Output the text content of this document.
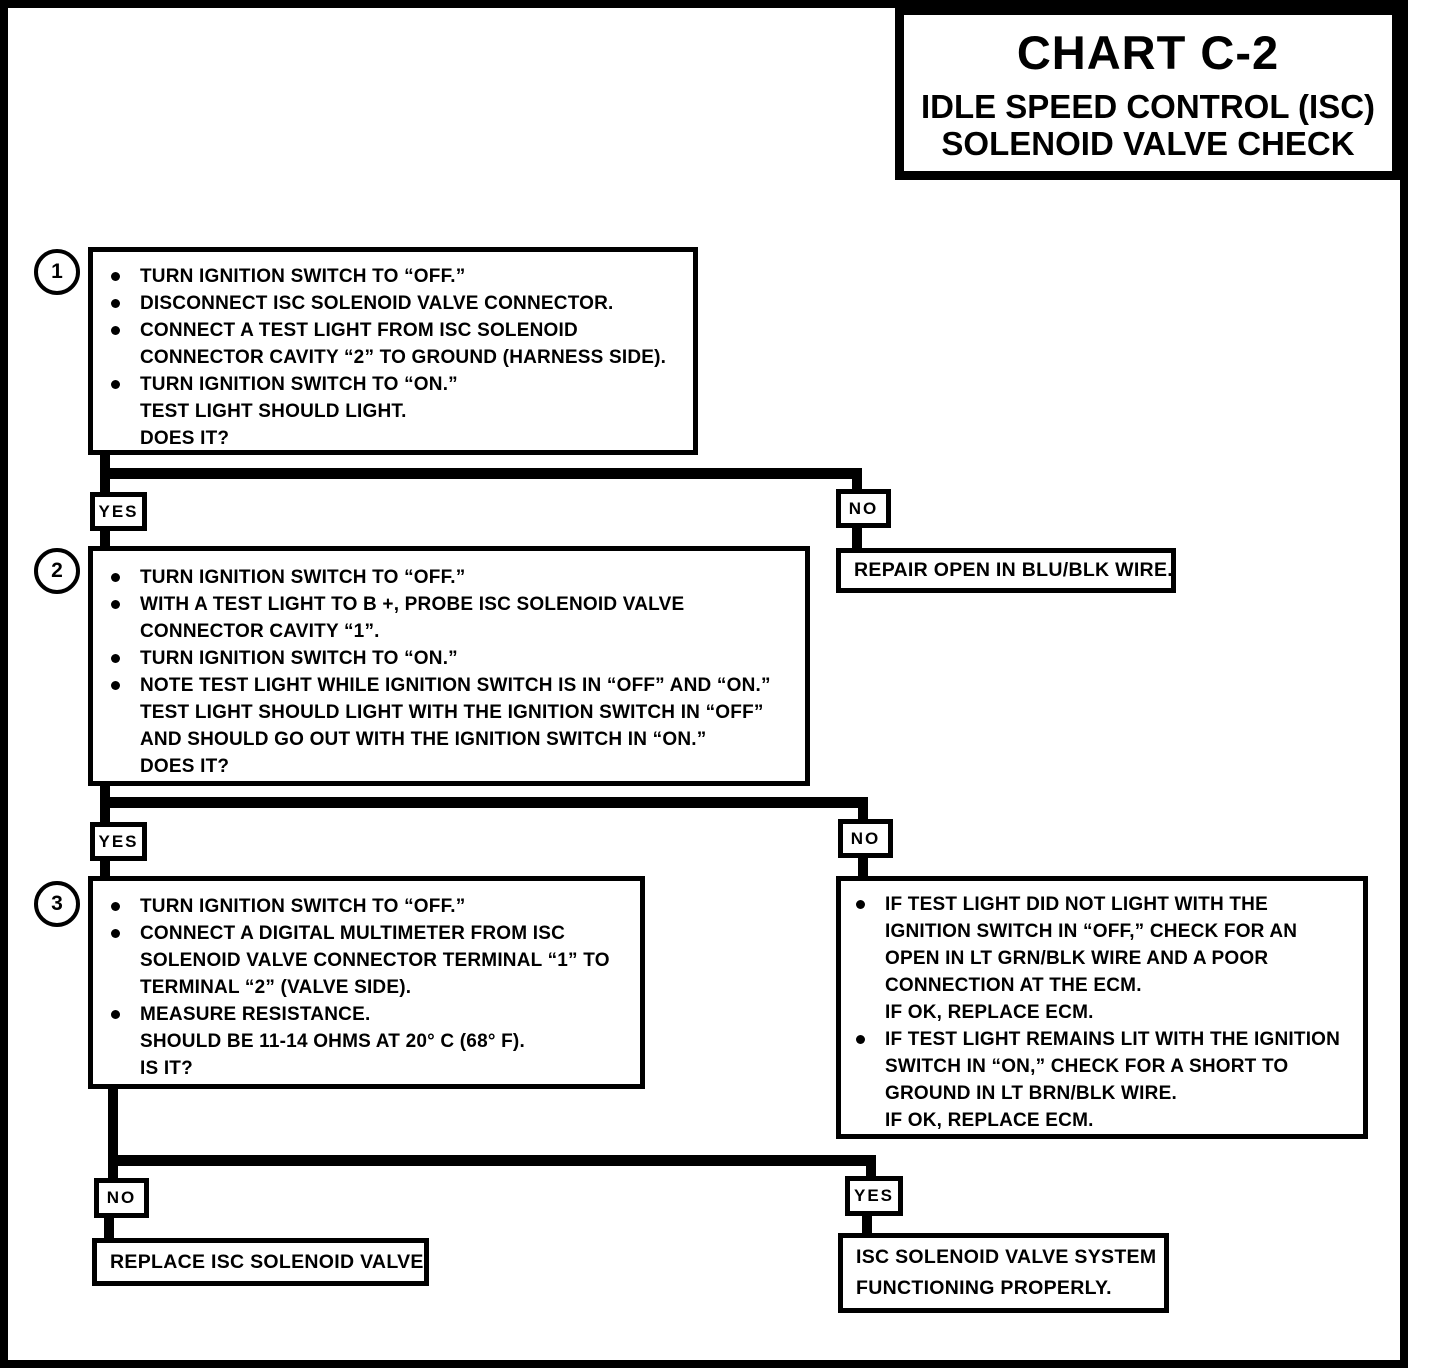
CHART C-2
IDLE SPEED CONTROL (ISC)
SOLENOID VALVE CHECK
1	TURN IGNITION SWITCH TO “OFF.”
DISCONNECT ISC SOLENOID VALVE CONNECTOR.
CONNECT A TEST LIGHT FROM ISC SOLENOID
CONNECTOR CAVITY “2” TO GROUND (HARNESS SIDE).
TURN IGNITION SWITCH TO “ON.”
TEST LIGHT SHOULD LIGHT.
DOES IT?
YES	NO
REPAIR OPEN IN BLU/BLK WIRE.
2	TURN IGNITION SWITCH TO “OFF.”
WITH A TEST LIGHT TO B +, PROBE ISC SOLENOID VALVE
CONNECTOR CAVITY “1”.
TURN IGNITION SWITCH TO “ON.”
NOTE TEST LIGHT WHILE IGNITION SWITCH IS IN “OFF” AND “ON.”
TEST LIGHT SHOULD LIGHT WITH THE IGNITION SWITCH IN “OFF”
AND SHOULD GO OUT WITH THE IGNITION SWITCH IN “ON.”
DOES IT?
YES	NO
3	TURN IGNITION SWITCH TO “OFF.”
CONNECT A DIGITAL MULTIMETER FROM ISC
SOLENOID VALVE CONNECTOR TERMINAL “1” TO
TERMINAL “2” (VALVE SIDE).
MEASURE RESISTANCE.
SHOULD BE 11-14 OHMS AT 20° C (68° F).
IS IT?
IF TEST LIGHT DID NOT LIGHT WITH THE
IGNITION SWITCH IN “OFF,” CHECK FOR AN
OPEN IN LT GRN/BLK WIRE AND A POOR
CONNECTION AT THE ECM.
IF OK, REPLACE ECM.
IF TEST LIGHT REMAINS LIT WITH THE IGNITION
SWITCH IN “ON,” CHECK FOR A SHORT TO
GROUND IN LT BRN/BLK WIRE.
IF OK, REPLACE ECM.
NO	YES
REPLACE ISC SOLENOID VALVE.	ISC SOLENOID VALVE SYSTEM
FUNCTIONING PROPERLY.
